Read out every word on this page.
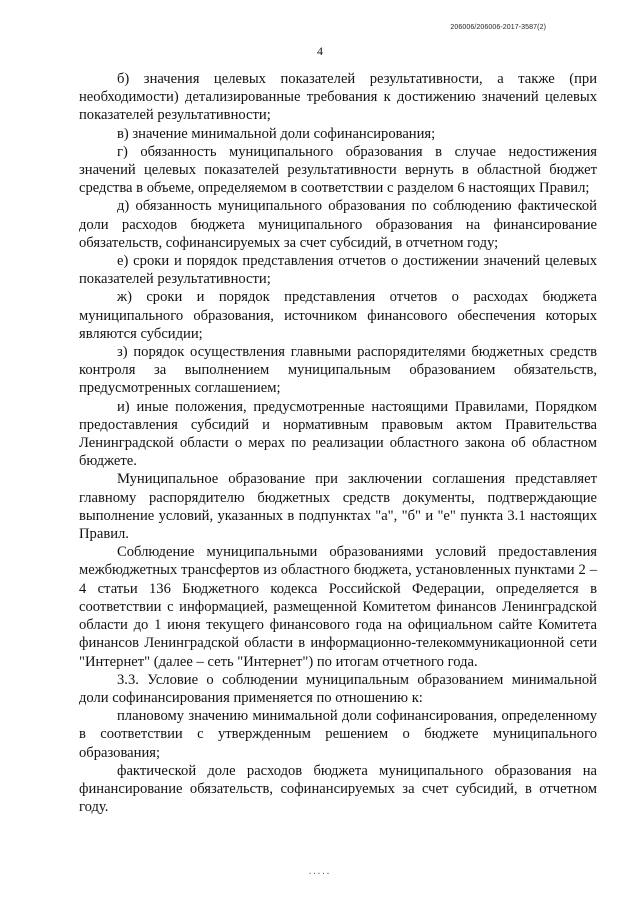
206006/206006-2017-3587(2)
4

б) значения целевых показателей результативности, а также (при необходимости) детализированные требования к достижению значений целевых показателей результативности;

в) значение минимальной доли софинансирования;

г) обязанность муниципального образования в случае недостижения значений целевых показателей результативности вернуть в областной бюджет средства в объеме, определяемом в соответствии с разделом 6 настоящих Правил;

д) обязанность муниципального образования по соблюдению фактической доли расходов бюджета муниципального образования на финансирование обязательств, софинансируемых за счет субсидий, в отчетном году;

е) сроки и порядок представления отчетов о достижении значений целевых показателей результативности;

ж) сроки и порядок представления отчетов о расходах бюджета муниципального образования, источником финансового обеспечения которых являются субсидии;

з) порядок осуществления главными распорядителями бюджетных средств контроля за выполнением муниципальным образованием обязательств, предусмотренных соглашением;

и) иные положения, предусмотренные настоящими Правилами, Порядком предоставления субсидий и нормативным правовым актом Правительства Ленинградской области о мерах по реализации областного закона об областном бюджете.

Муниципальное образование при заключении соглашения представляет главному распорядителю бюджетных средств документы, подтверждающие выполнение условий, указанных в подпунктах "а", "б" и "е" пункта 3.1 настоящих Правил.

Соблюдение муниципальными образованиями условий предоставления межбюджетных трансфертов из областного бюджета, установленных пунктами 2 – 4 статьи 136 Бюджетного кодекса Российской Федерации, определяется в соответствии с информацией, размещенной Комитетом финансов Ленинградской области до 1 июня текущего финансового года на официальном сайте Комитета финансов Ленинградской области в информационно-телекоммуникационной сети "Интернет" (далее – сеть "Интернет") по итогам отчетного года.

3.3. Условие о соблюдении муниципальным образованием минимальной доли софинансирования применяется по отношению к:

плановому значению минимальной доли софинансирования, определенному в соответствии с утвержденным решением о бюджете муниципального образования;

фактической доле расходов бюджета муниципального образования на финансирование обязательств, софинансируемых за счет субсидий, в отчетном году.

.....
